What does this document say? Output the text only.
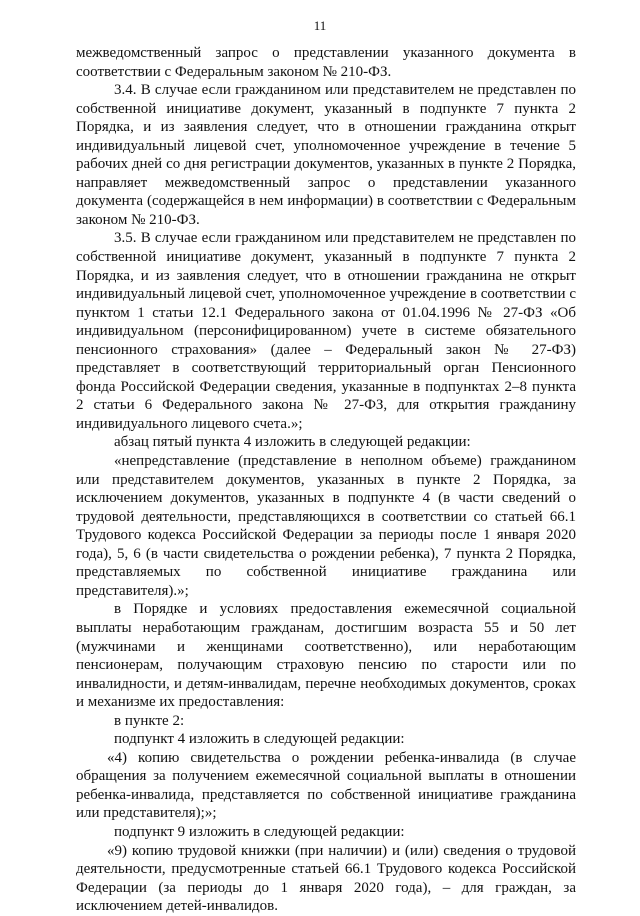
11

межведомственный запрос о представлении указанного документа в соответствии с Федеральным законом № 210-ФЗ.

3.4. В случае если гражданином или представителем не представлен по собственной инициативе документ, указанный в подпункте 7 пункта 2 Порядка, и из заявления следует, что в отношении гражданина открыт индивидуальный лицевой счет, уполномоченное учреждение в течение 5 рабочих дней со дня регистрации документов, указанных в пункте 2 Порядка, направляет межведомственный запрос о представлении указанного документа (содержащейся в нем информации) в соответствии с Федеральным законом № 210-ФЗ.

3.5. В случае если гражданином или представителем не представлен по собственной инициативе документ, указанный в подпункте 7 пункта 2 Порядка, и из заявления следует, что в отношении гражданина не открыт индивидуальный лицевой счет, уполномоченное учреждение в соответствии с пунктом 1 статьи 12.1 Федерального закона от 01.04.1996 № 27-ФЗ «Об индивидуальном (персонифицированном) учете в системе обязательного пенсионного страхования» (далее – Федеральный закон № 27-ФЗ) представляет в соответствующий территориальный орган Пенсионного фонда Российской Федерации сведения, указанные в подпунктах 2–8 пункта 2 статьи 6 Федерального закона № 27-ФЗ, для открытия гражданину индивидуального лицевого счета.»;

абзац пятый пункта 4 изложить в следующей редакции:

«непредставление (представление в неполном объеме) гражданином или представителем документов, указанных в пункте 2 Порядка, за исключением документов, указанных в подпункте 4 (в части сведений о трудовой деятельности, представляющихся в соответствии со статьей 66.1 Трудового кодекса Российской Федерации за периоды после 1 января 2020 года), 5, 6 (в части свидетельства о рождении ребенка), 7 пункта 2 Порядка, представляемых по собственной инициативе гражданина или представителя).»;

в Порядке и условиях предоставления ежемесячной социальной выплаты неработающим гражданам, достигшим возраста 55 и 50 лет (мужчинами и женщинами соответственно), или неработающим пенсионерам, получающим страховую пенсию по старости или по инвалидности, и детям-инвалидам, перечне необходимых документов, сроках и механизме их предоставления:

в пункте 2:

подпункт 4 изложить в следующей редакции:

«4) копию свидетельства о рождении ребенка-инвалида (в случае обращения за получением ежемесячной социальной выплаты в отношении ребенка-инвалида, представляется по собственной инициативе гражданина или представителя);»;

подпункт 9 изложить в следующей редакции:

«9) копию трудовой книжки (при наличии) и (или) сведения о трудовой деятельности, предусмотренные статьей 66.1 Трудового кодекса Российской Федерации (за периоды до 1 января 2020 года), – для граждан, за исключением детей-инвалидов.
